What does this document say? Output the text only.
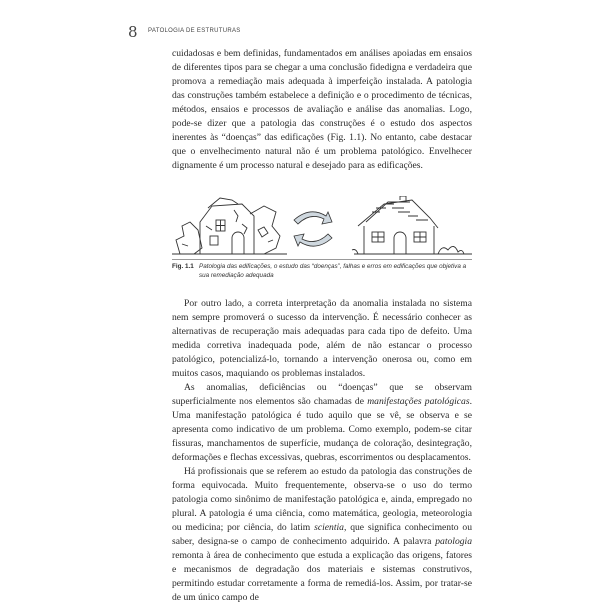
8 PATOLOGIA DE ESTRUTURAS

cuidadosas e bem definidas, fundamentados em análises apoiadas em ensaios de diferentes tipos para se chegar a uma conclusão fidedigna e verdadeira que promova a remediação mais adequada à imperfeição instalada. A patologia das construções também estabelece a definição e o procedimento de técnicas, métodos, ensaios e processos de avaliação e análise das anomalias. Logo, pode-se dizer que a patologia das construções é o estudo dos aspectos inerentes às “doenças” das edificações (Fig. 1.1). No entanto, cabe destacar que o envelhecimento natural não é um problema patológico. Envelhecer dignamente é um processo natural e desejado para as edificações.

Fig. 1.1 Patologia das edificações, o estudo das “doenças”, falhas e erros em edificações que objetiva a sua remediação adequada

Por outro lado, a correta interpretação da anomalia instalada no sistema nem sempre promoverá o sucesso da intervenção. É necessário conhecer as alternativas de recuperação mais adequadas para cada tipo de defeito. Uma medida corretiva inadequada pode, além de não estancar o processo patológico, potencializá-lo, tornando a intervenção onerosa ou, como em muitos casos, maquiando os problemas instalados.

As anomalias, deficiências ou “doenças” que se observam superficialmente nos elementos são chamadas de manifestações patológicas. Uma manifestação patológica é tudo aquilo que se vê, se observa e se apresenta como indicativo de um problema. Como exemplo, podem-se citar fissuras, manchamentos de superfície, mudança de coloração, desintegração, deformações e flechas excessivas, quebras, escorrimentos ou desplacamentos.

Há profissionais que se referem ao estudo da patologia das construções de forma equivocada. Muito frequentemente, observa-se o uso do termo patologia como sinônimo de manifestação patológica e, ainda, empregado no plural. A patologia é uma ciência, como matemática, geologia, meteorologia ou medicina; por ciência, do latim scientia, que significa conhecimento ou saber, designa-se o campo de conhecimento adquirido. A palavra patologia remonta à área de conhecimento que estuda a explicação das origens, fatores e mecanismos de degradação dos materiais e sistemas construtivos, permitindo estudar corretamente a forma de remediá-los. Assim, por tratar-se de um único campo de
